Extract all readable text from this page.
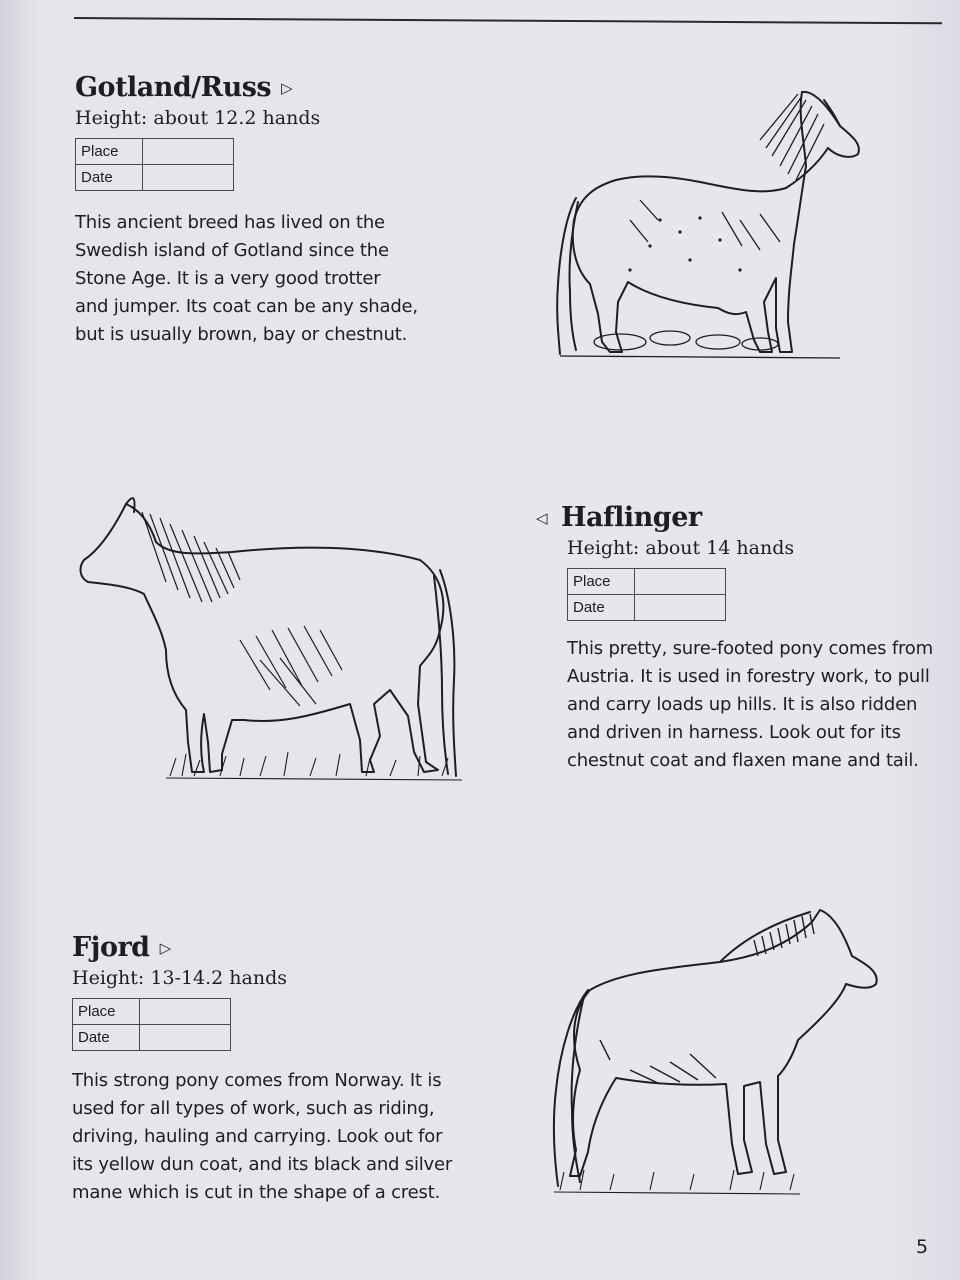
Gotland/Russ ▷

Height: about 12.2 hands

Place	
Date	

This ancient breed has lived on the
Swedish island of Gotland since the
Stone Age. It is a very good trotter
and jumper. Its coat can be any shade,
but is usually brown, bay or chestnut.

◁ Haflinger

Height: about 14 hands

Place	
Date	

This pretty, sure-footed pony comes from
Austria. It is used in forestry work, to pull
and carry loads up hills. It is also ridden
and driven in harness. Look out for its
chestnut coat and flaxen mane and tail.

Fjord ▷

Height: 13-14.2 hands

Place	
Date	

This strong pony comes from Norway. It is
used for all types of work, such as riding,
driving, hauling and carrying. Look out for
its yellow dun coat, and its black and silver
mane which is cut in the shape of a crest.

5
